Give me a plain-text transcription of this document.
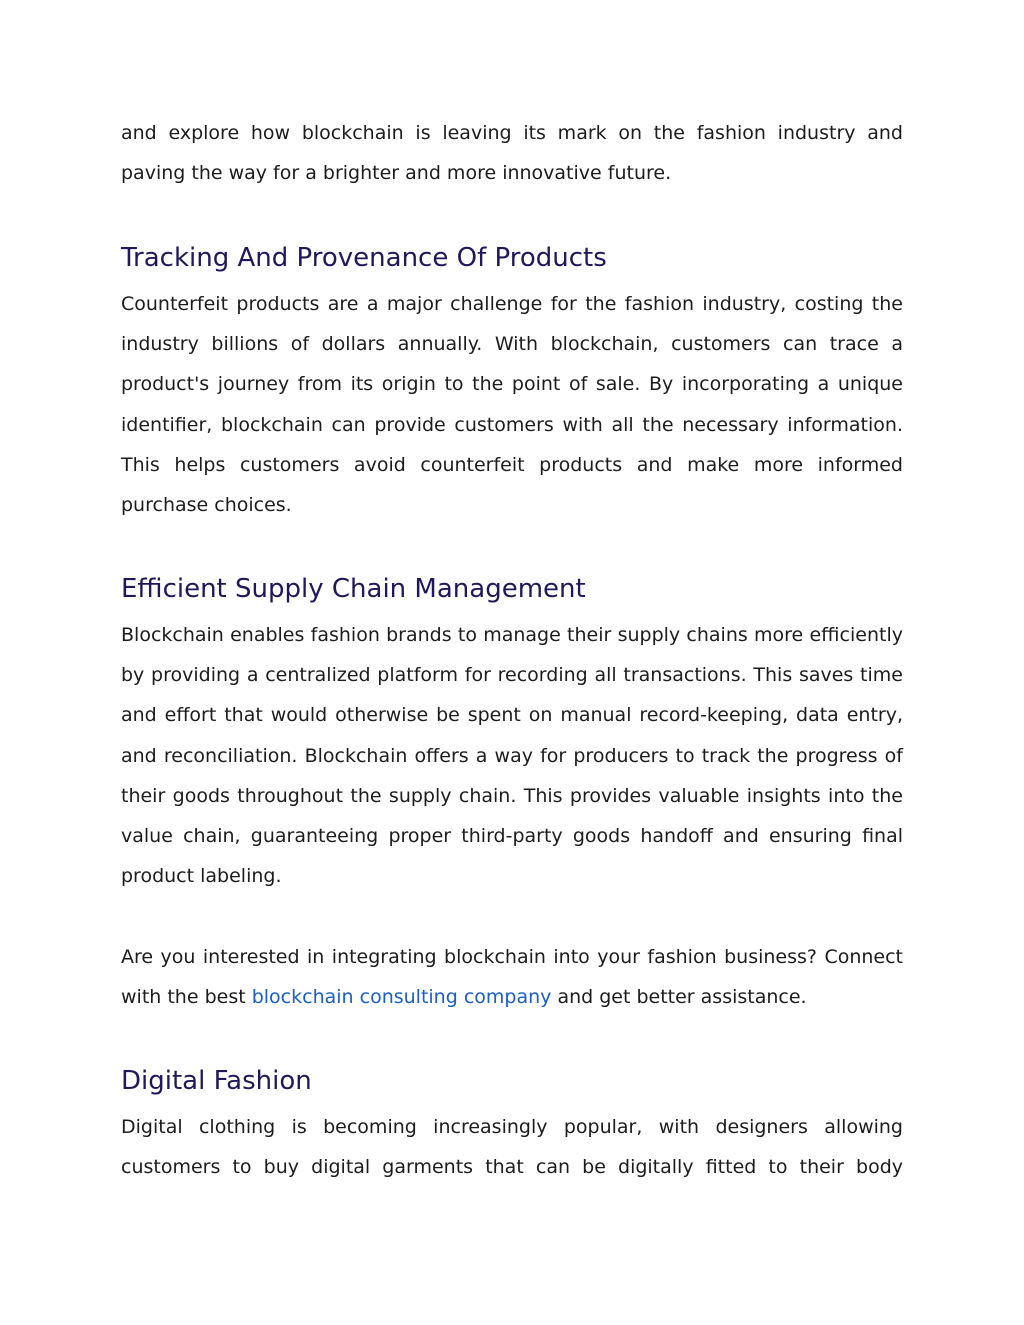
and explore how blockchain is leaving its mark on the fashion industry and paving the way for a brighter and more innovative future.

Tracking And Provenance Of Products

Counterfeit products are a major challenge for the fashion industry, costing the industry billions of dollars annually. With blockchain, customers can trace a product's journey from its origin to the point of sale. By incorporating a unique identifier, blockchain can provide customers with all the necessary information. This helps customers avoid counterfeit products and make more informed purchase choices.

Efficient Supply Chain Management

Blockchain enables fashion brands to manage their supply chains more efficiently by providing a centralized platform for recording all transactions. This saves time and effort that would otherwise be spent on manual record-keeping, data entry, and reconciliation. Blockchain offers a way for producers to track the progress of their goods throughout the supply chain. This provides valuable insights into the value chain, guaranteeing proper third-party goods handoff and ensuring final product labeling.

Are you interested in integrating blockchain into your fashion business? Connect with the best blockchain consulting company and get better assistance.

Digital Fashion

Digital clothing is becoming increasingly popular, with designers allowing customers to buy digital garments that can be digitally fitted to their body
